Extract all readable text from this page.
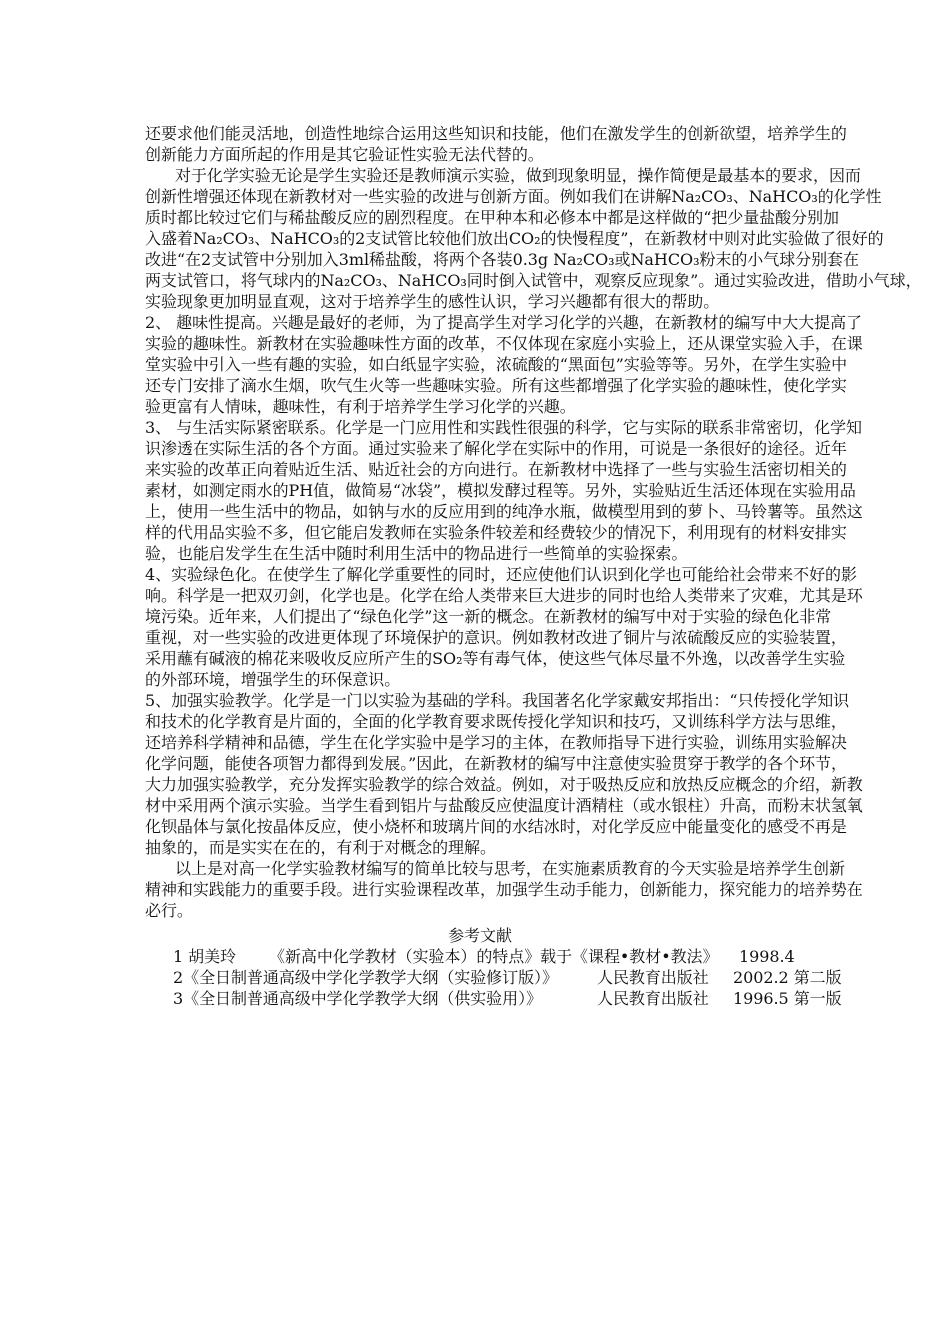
还要求他们能灵活地，创造性地综合运用这些知识和技能，他们在激发学生的创新欲望，培养学生的
创新能力方面所起的作用是其它验证性实验无法代替的。
对于化学实验无论是学生实验还是教师演示实验，做到现象明显，操作简便是最基本的要求，因而
创新性增强还体现在新教材对一些实验的改进与创新方面。例如我们在讲解Na₂CO₃、NaHCO₃的化学性
质时都比较过它们与稀盐酸反应的剧烈程度。在甲种本和必修本中都是这样做的“把少量盐酸分别加
入盛着Na₂CO₃、NaHCO₃的2支试管比较他们放出CO₂的快慢程度”，在新教材中则对此实验做了很好的
改进“在2支试管中分别加入3ml稀盐酸，将两个各装0.3g Na₂CO₃或NaHCO₃粉末的小气球分别套在
两支试管口，将气球内的Na₂CO₃、NaHCO₃同时倒入试管中，观察反应现象”。通过实验改进，借助小气球，
实验现象更加明显直观，这对于培养学生的感性认识，学习兴趣都有很大的帮助。
2、 趣味性提高。兴趣是最好的老师，为了提高学生对学习化学的兴趣，在新教材的编写中大大提高了
实验的趣味性。新教材在实验趣味性方面的改革，不仅体现在家庭小实验上，还从课堂实验入手，在课
堂实验中引入一些有趣的实验，如白纸显字实验，浓硫酸的“黑面包”实验等等。另外，在学生实验中
还专门安排了滴水生烟，吹气生火等一些趣味实验。所有这些都增强了化学实验的趣味性，使化学实
验更富有人情味，趣味性，有利于培养学生学习化学的兴趣。
3、 与生活实际紧密联系。化学是一门应用性和实践性很强的科学，它与实际的联系非常密切，化学知
识渗透在实际生活的各个方面。通过实验来了解化学在实际中的作用，可说是一条很好的途径。近年
来实验的改革正向着贴近生活、贴近社会的方向进行。在新教材中选择了一些与实验生活密切相关的
素材，如测定雨水的PH值，做简易“冰袋”，模拟发酵过程等。另外，实验贴近生活还体现在实验用品
上，使用一些生活中的物品，如钠与水的反应用到的纯净水瓶，做模型用到的萝卜、马铃薯等。虽然这
样的代用品实验不多，但它能启发教师在实验条件较差和经费较少的情况下，利用现有的材料安排实
验，也能启发学生在生活中随时利用生活中的物品进行一些简单的实验探索。
4、实验绿色化。在使学生了解化学重要性的同时，还应使他们认识到化学也可能给社会带来不好的影
响。科学是一把双刃剑，化学也是。化学在给人类带来巨大进步的同时也给人类带来了灾难，尤其是环
境污染。近年来，人们提出了“绿色化学”这一新的概念。在新教材的编写中对于实验的绿色化非常
重视，对一些实验的改进更体现了环境保护的意识。例如教材改进了铜片与浓硫酸反应的实验装置，
采用蘸有碱液的棉花来吸收反应所产生的SO₂等有毒气体，使这些气体尽量不外逸，以改善学生实验
的外部环境，增强学生的环保意识。
5、加强实验教学。化学是一门以实验为基础的学科。我国著名化学家戴安邦指出：“只传授化学知识
和技术的化学教育是片面的，全面的化学教育要求既传授化学知识和技巧，又训练科学方法与思维，
还培养科学精神和品德，学生在化学实验中是学习的主体，在教师指导下进行实验，训练用实验解决
化学问题，能使各项智力都得到发展。”因此，在新教材的编写中注意使实验贯穿于教学的各个环节，
大力加强实验教学，充分发挥实验教学的综合效益。例如，对于吸热反应和放热反应概念的介绍，新教
材中采用两个演示实验。当学生看到铝片与盐酸反应使温度计酒精柱（或水银柱）升高，而粉末状氢氧
化钡晶体与氯化按晶体反应，使小烧杯和玻璃片间的水结冰时，对化学反应中能量变化的感受不再是
抽象的，而是实实在在的，有利于对概念的理解。
以上是对高一化学实验教材编写的简单比较与思考，在实施素质教育的今天实验是培养学生创新
精神和实践能力的重要手段。进行实验课程改革，加强学生动手能力，创新能力，探究能力的培养势在
必行。
参考文献
1 胡美玲 《新高中化学教材（实验本）的特点》载于《课程•教材•教法》 1998.4
2《全日制普通高级中学化学教学大纲（实验修订版）》 人民教育出版社 2002.2 第二版
3《全日制普通高级中学化学教学大纲（供实验用）》	人民教育出版社 1996.5 第一版
